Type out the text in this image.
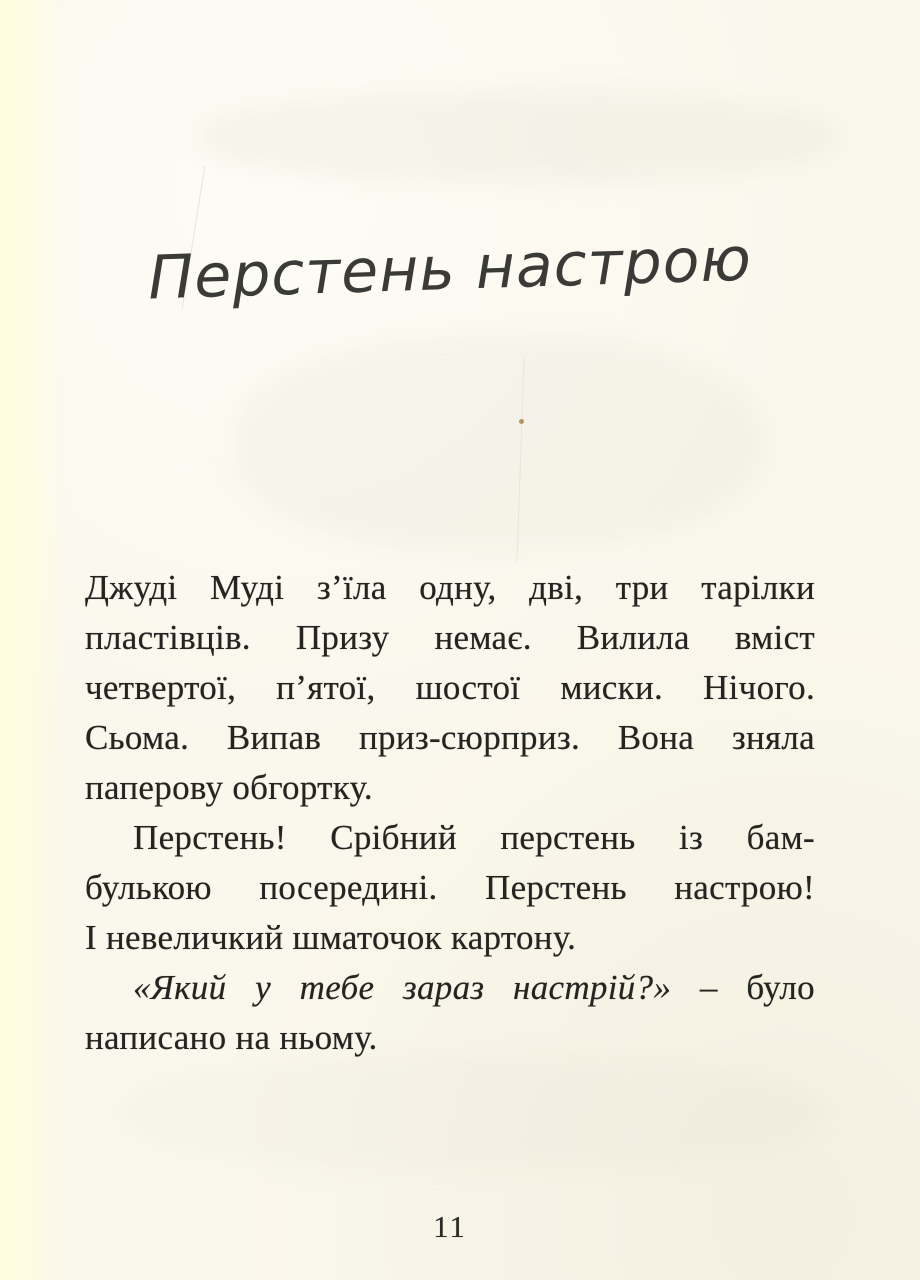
Перстень настрою
Джуді Муді з’їла одну, дві, три тарілки
пластівців. Призу немає. Вилила вміст
четвертої, п’ятої, шостої миски. Нічого.
Сьома. Випав приз-сюрприз. Вона зняла
паперову обгортку.
Перстень! Срібний перстень із бам-
булькою посередині. Перстень настрою!
І невеличкий шматочок картону.
«Який у тебе зараз настрій?» – було
написано на ньому.
11
